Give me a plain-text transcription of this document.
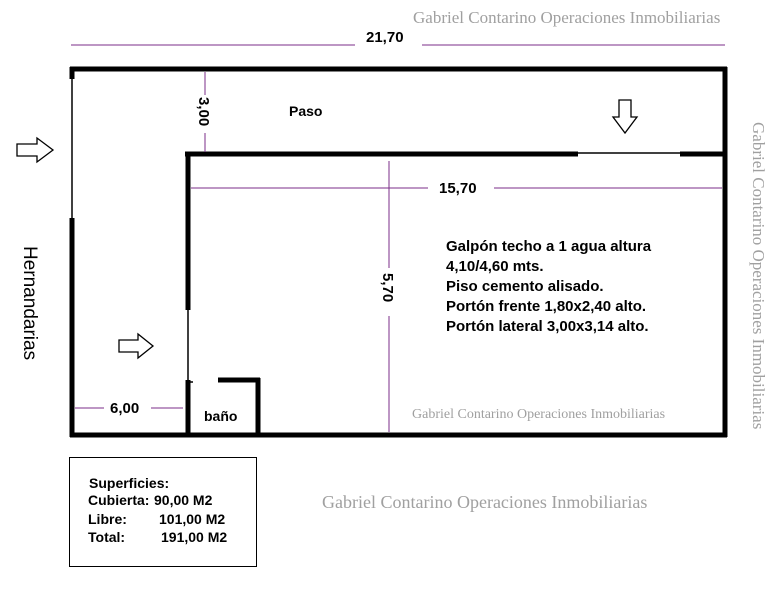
Gabriel Contarino Operaciones Inmobiliarias
Gabriel Contarino Operaciones Inmobiliarias
Gabriel Contarino Operaciones Inmobiliarias
Gabriel Contarino Operaciones Inmobiliarias
21,70
baño
3,00	Paso
15,70
5,70
6,00
Galpón techo a 1 agua altura
4,10/4,60 mts.
Piso cemento alisado.
Portón frente 1,80x2,40 alto.
Portón lateral 3,00x3,14 alto.
Hernandarias
Superficies:
Cubierta: 90,00 M2
Libre: 101,00 M2
Total:	191,00 M2
